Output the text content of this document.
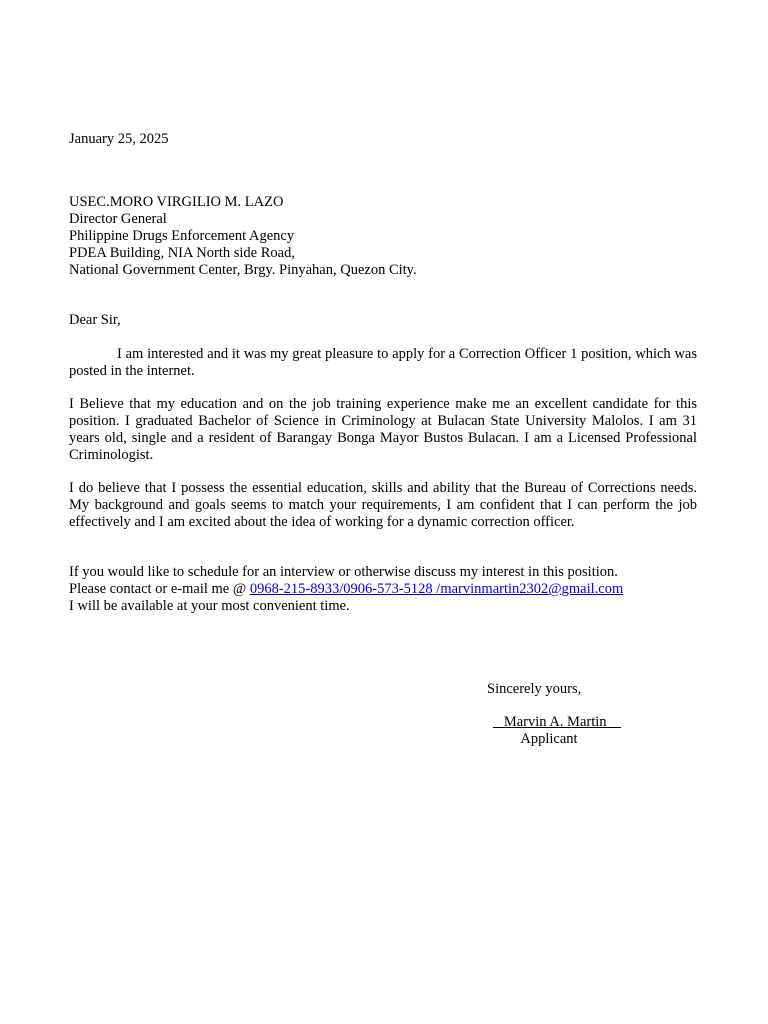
January 25, 2025
USEC.MORO VIRGILIO M. LAZO
Director General
Philippine Drugs Enforcement Agency
PDEA Building, NIA North side Road,
National Government Center, Brgy. Pinyahan, Quezon City.
Dear Sir,
I am interested and it was my great pleasure to apply for a Correction Officer 1 position, which was posted in the internet.
I Believe that my education and on the job training experience make me an excellent candidate for this position. I graduated Bachelor of Science in Criminology at Bulacan State University Malolos. I am 31 years old, single and a resident of Barangay Bonga Mayor Bustos Bulacan. I am a Licensed Professional Criminologist.
I do believe that I possess the essential education, skills and ability that the Bureau of Corrections needs. My background and goals seems to match your requirements, I am confident that I can perform the job effectively and I am excited about the idea of working for a dynamic correction officer.
If you would like to schedule for an interview or otherwise discuss my interest in this position.
Please contact or e-mail me @ 0968-215-8933/0906-573-5128 /marvinmartin2302@gmail.com
I will be available at your most convenient time.
Sincerely yours,
Marvin A. Martin
Applicant
